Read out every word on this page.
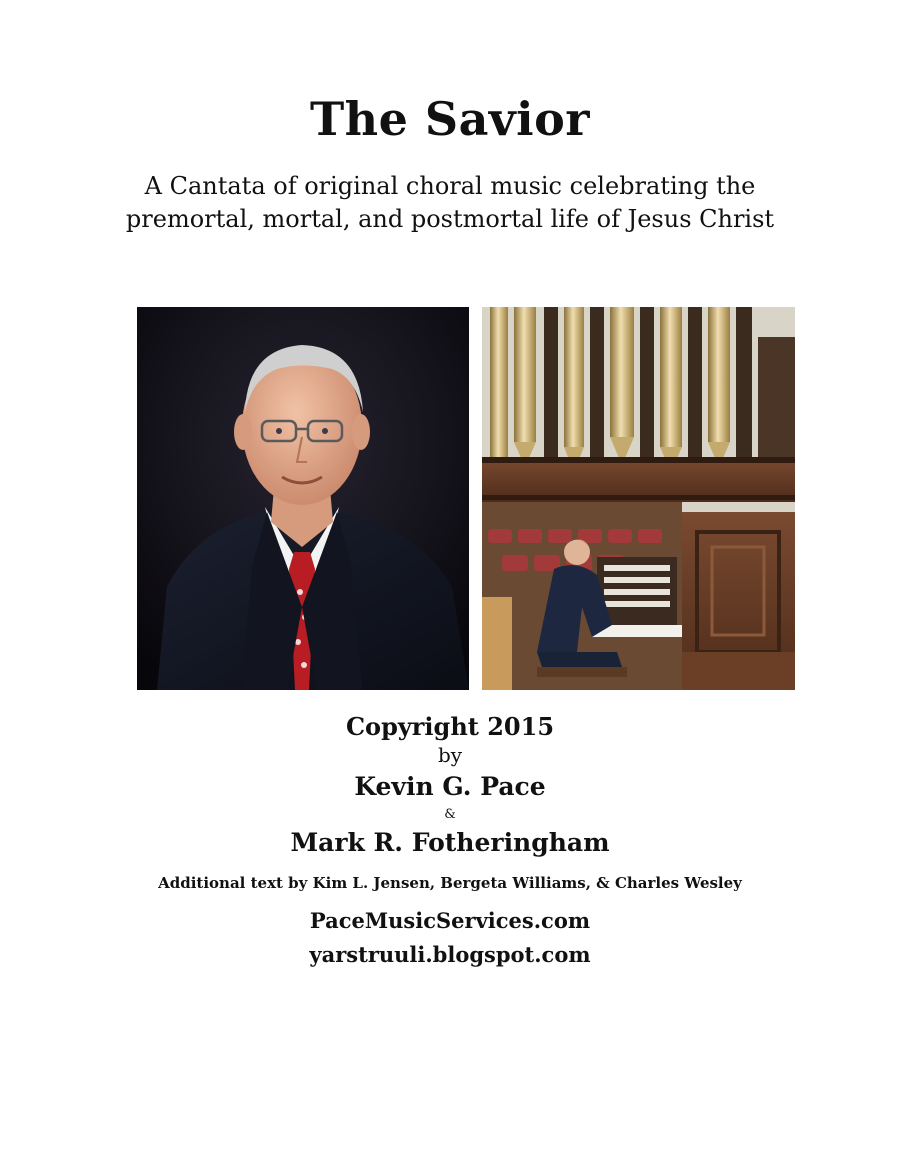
The Savior

A Cantata of original choral music celebrating the
premortal, mortal, and postmortal life of Jesus Christ

Copyright 2015
by
Kevin G. Pace
&
Mark R. Fotheringham
Additional text by Kim L. Jensen, Bergeta Williams, & Charles Wesley
PaceMusicServices.com
yarstruuli.blogspot.com
